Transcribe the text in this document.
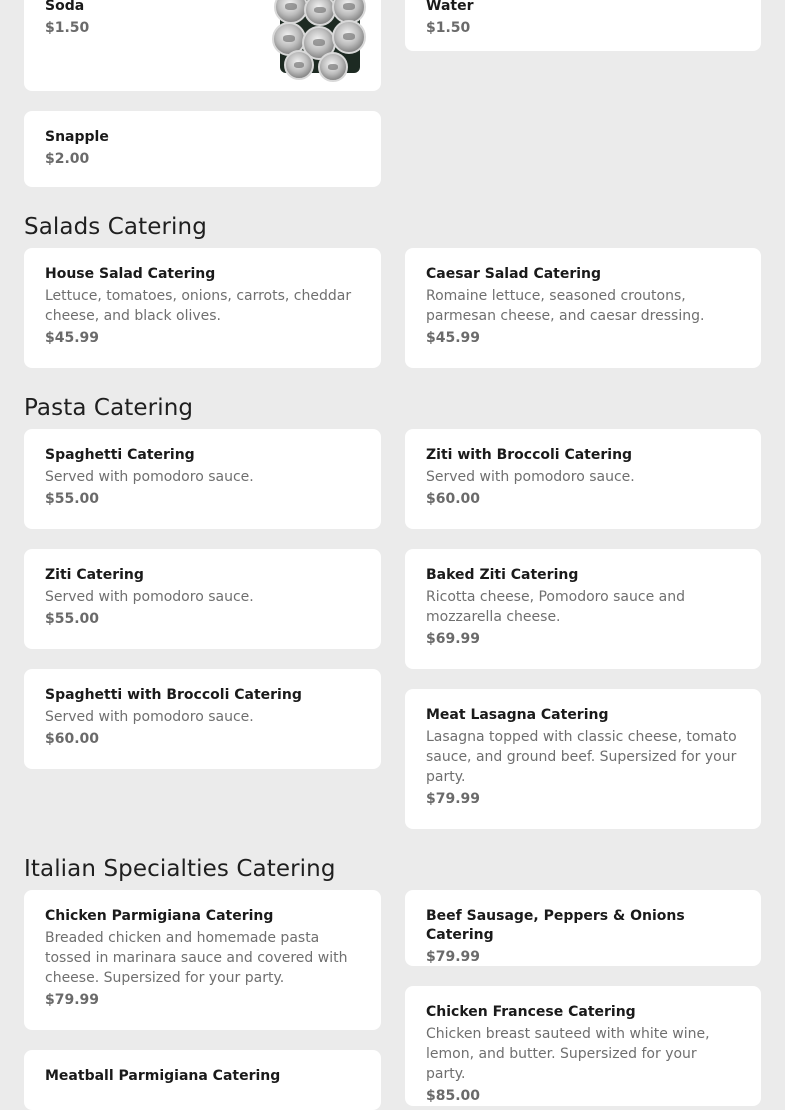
Soda
$1.50
Water
$1.50
Snapple
$2.00
Salads Catering
House Salad Catering
Lettuce, tomatoes, onions, carrots, cheddar cheese, and black olives.
$45.99
Caesar Salad Catering
Romaine lettuce, seasoned croutons, parmesan cheese, and caesar dressing.
$45.99
Pasta Catering
Spaghetti Catering
Served with pomodoro sauce.
$55.00
Ziti with Broccoli Catering
Served with pomodoro sauce.
$60.00
Ziti Catering
Served with pomodoro sauce.
$55.00
Baked Ziti Catering
Ricotta cheese, Pomodoro sauce and mozzarella cheese.
$69.99
Spaghetti with Broccoli Catering
Served with pomodoro sauce.
$60.00
Meat Lasagna Catering
Lasagna topped with classic cheese, tomato sauce, and ground beef. Supersized for your party.
$79.99
Italian Specialties Catering
Chicken Parmigiana Catering
Breaded chicken and homemade pasta tossed in marinara sauce and covered with cheese. Supersized for your party.
$79.99
Beef Sausage, Peppers & Onions Catering
$79.99
Chicken Francese Catering
Chicken breast sauteed with white wine, lemon, and butter. Supersized for your party.
$85.00
Meatball Parmigiana Catering
